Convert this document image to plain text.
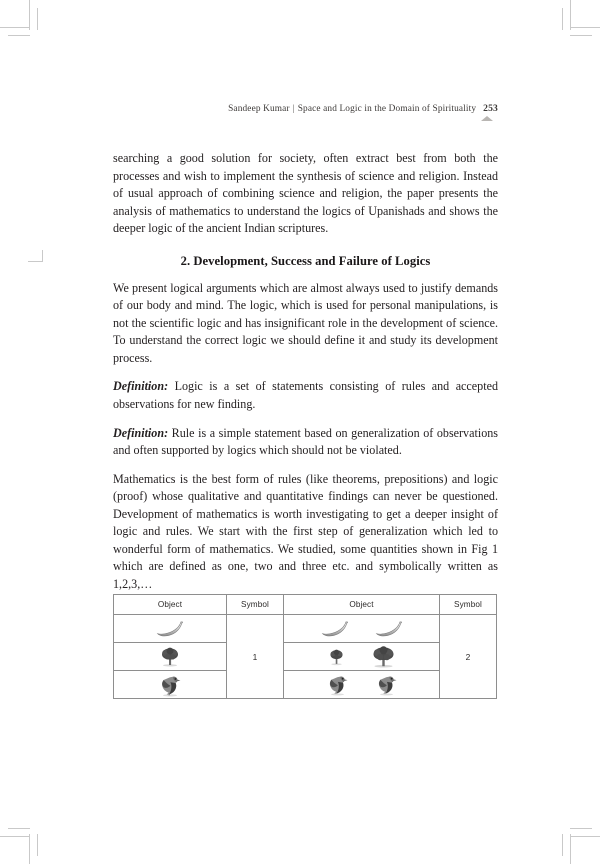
Sandeep Kumar | Space and Logic in the Domain of Spirituality 253

searching a good solution for society, often extract best from both the processes and wish to implement the synthesis of science and religion. Instead of usual approach of combining science and religion, the paper presents the analysis of mathematics to understand the logics of Upanishads and shows the deeper logic of the ancient Indian scriptures.

2. Development, Success and Failure of Logics

We present logical arguments which are almost always used to justify demands of our body and mind. The logic, which is used for personal manipulations, is not the scientific logic and has insignificant role in the development of science. To understand the correct logic we should define it and study its development process.

Definition: Logic is a set of statements consisting of rules and accepted observations for new finding.

Definition: Rule is a simple statement based on generalization of observations and often supported by logics which should not be violated.

Mathematics is the best form of rules (like theorems, prepositions) and logic (proof) whose qualitative and quantitative findings can never be questioned. Development of mathematics is worth investigating to get a deeper insight of logic and rules. We start with the first step of generalization which led to wonderful form of mathematics. We studied, some quantities shown in Fig 1 which are defined as one, two and three etc. and symbolically written as 1,2,3,…

Object	Symbol	Object	Symbol

	1		2
